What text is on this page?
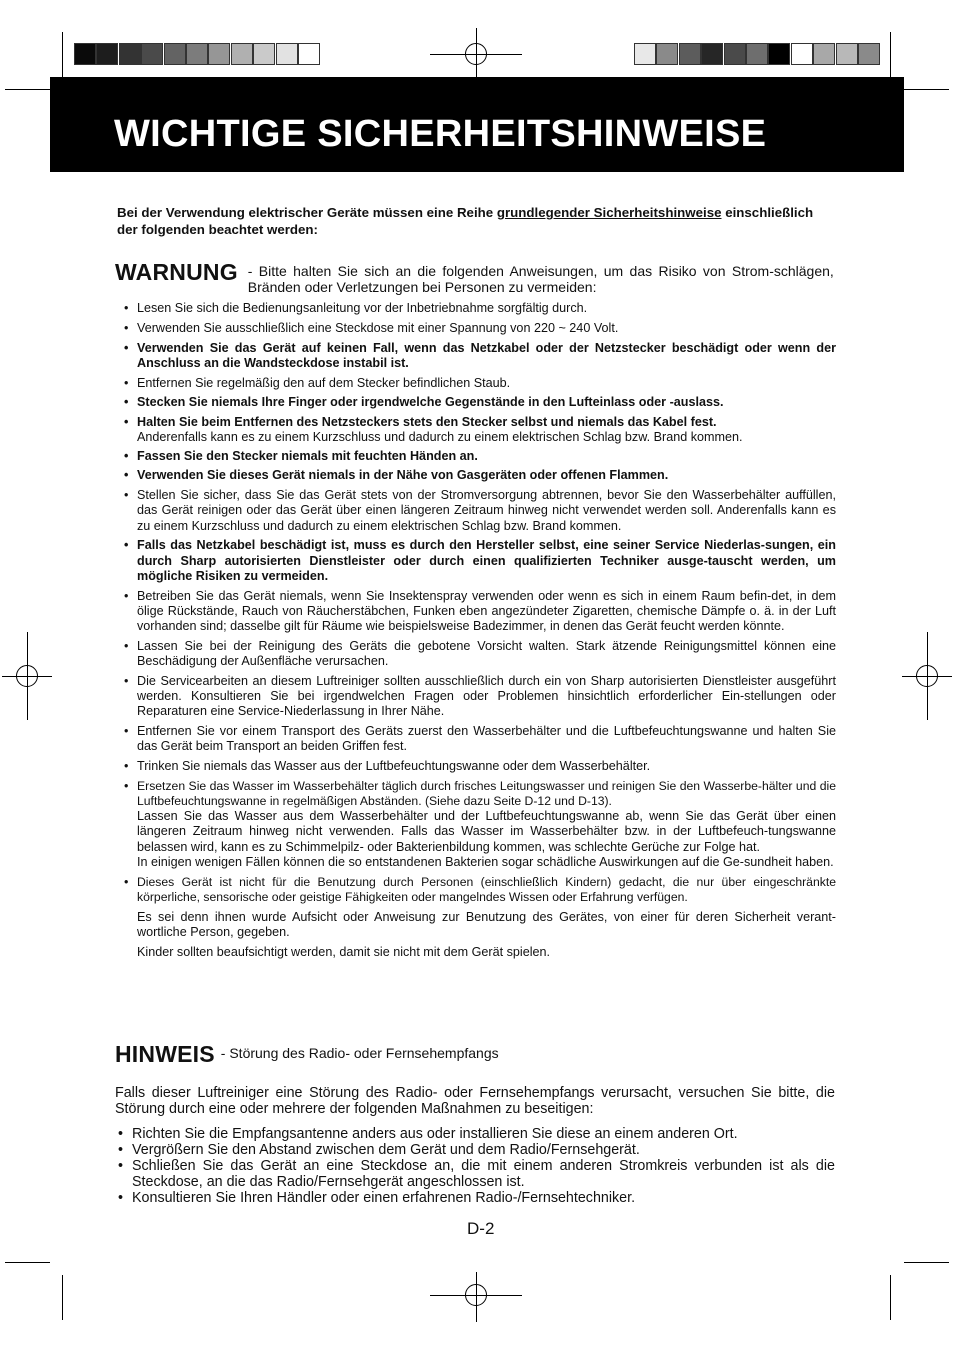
WICHTIGE SICHERHEITSHINWEISE
Bei der Verwendung elektrischer Geräte müssen eine Reihe grundlegender Sicherheitshinweise einschließlich der folgenden beachtet werden:
WARNUNG - Bitte halten Sie sich an die folgenden Anweisungen, um das Risiko von Strom-schlägen, Bränden oder Verletzungen bei Personen zu vermeiden:
• Lesen Sie sich die Bedienungsanleitung vor der Inbetriebnahme sorgfältig durch.
• Verwenden Sie ausschließlich eine Steckdose mit einer Spannung von 220 ~ 240 Volt.
• Verwenden Sie das Gerät auf keinen Fall, wenn das Netzkabel oder der Netzstecker beschädigt oder wenn der Anschluss an die Wandsteckdose instabil ist.
• Entfernen Sie regelmäßig den auf dem Stecker befindlichen Staub.
• Stecken Sie niemals Ihre Finger oder irgendwelche Gegenstände in den Lufteinlass oder -auslass.
• Halten Sie beim Entfernen des Netzsteckers stets den Stecker selbst und niemals das Kabel fest.
Anderenfalls kann es zu einem Kurzschluss und dadurch zu einem elektrischen Schlag bzw. Brand kommen.
• Fassen Sie den Stecker niemals mit feuchten Händen an.
• Verwenden Sie dieses Gerät niemals in der Nähe von Gasgeräten oder offenen Flammen.
• Stellen Sie sicher, dass Sie das Gerät stets von der Stromversorgung abtrennen, bevor Sie den Wasserbehälter auffüllen, das Gerät reinigen oder das Gerät über einen längeren Zeitraum hinweg nicht verwendet werden soll. Anderenfalls kann es zu einem Kurzschluss und dadurch zu einem elektrischen Schlag bzw. Brand kommen.
• Falls das Netzkabel beschädigt ist, muss es durch den Hersteller selbst, eine seiner Service Niederlas-sungen, ein durch Sharp autorisierten Dienstleister oder durch einen qualifizierten Techniker ausge-tauscht werden, um mögliche Risiken zu vermeiden.
• Betreiben Sie das Gerät niemals, wenn Sie Insektenspray verwenden oder wenn es sich in einem Raum befin-det, in dem ölige Rückstände, Rauch von Räucherstäbchen, Funken eben angezündeter Zigaretten, chemische Dämpfe o. ä. in der Luft vorhanden sind; dasselbe gilt für Räume wie beispielsweise Badezimmer, in denen das Gerät feucht werden könnte.
• Lassen Sie bei der Reinigung des Geräts die gebotene Vorsicht walten. Stark ätzende Reinigungsmittel können eine Beschädigung der Außenfläche verursachen.
• Die Servicearbeiten an diesem Luftreiniger sollten ausschließlich durch ein von Sharp autorisierten Dienstleister ausgeführt werden. Konsultieren Sie bei irgendwelchen Fragen oder Problemen hinsichtlich erforderlicher Ein-stellungen oder Reparaturen eine Service-Niederlassung in Ihrer Nähe.
• Entfernen Sie vor einem Transport des Geräts zuerst den Wasserbehälter und die Luftbefeuchtungswanne und halten Sie das Gerät beim Transport an beiden Griffen fest.
• Trinken Sie niemals das Wasser aus der Luftbefeuchtungswanne oder dem Wasserbehälter.
• Ersetzen Sie das Wasser im Wasserbehälter täglich durch frisches Leitungswasser und reinigen Sie den Wasserbe-hälter und die Luftbefeuchtungswanne in regelmäßigen Abständen. (Siehe dazu Seite D-12 und D-13).
Lassen Sie das Wasser aus dem Wasserbehälter und der Luftbefeuchtungswanne ab, wenn Sie das Gerät über einen längeren Zeitraum hinweg nicht verwenden. Falls das Wasser im Wasserbehälter bzw. in der Luftbefeuch-tungswanne belassen wird, kann es zu Schimmelpilz- oder Bakterienbildung kommen, was schlechte Gerüche zur Folge hat.
In einigen wenigen Fällen können die so entstandenen Bakterien sogar schädliche Auswirkungen auf die Ge-sundheit haben.
• Dieses Gerät ist nicht für die Benutzung durch Personen (einschließlich Kindern) gedacht, die nur über eingeschränkte körperliche, sensorische oder geistige Fähigkeiten oder mangelndes Wissen oder Erfahrung verfügen.
Es sei denn ihnen wurde Aufsicht oder Anweisung zur Benutzung des Gerätes, von einer für deren Sicherheit verant-wortliche Person, gegeben.
Kinder sollten beaufsichtigt werden, damit sie nicht mit dem Gerät spielen.
HINWEIS - Störung des Radio- oder Fernsehempfangs
Falls dieser Luftreiniger eine Störung des Radio- oder Fernsehempfangs verursacht, versuchen Sie bitte, die Störung durch eine oder mehrere der folgenden Maßnahmen zu beseitigen:
• Richten Sie die Empfangsantenne anders aus oder installieren Sie diese an einem anderen Ort.
• Vergrößern Sie den Abstand zwischen dem Gerät und dem Radio/Fernsehgerät.
• Schließen Sie das Gerät an eine Steckdose an, die mit einem anderen Stromkreis verbunden ist als die Steckdose, an die das Radio/Fernsehgerät angeschlossen ist.
• Konsultieren Sie Ihren Händler oder einen erfahrenen Radio-/Fernsehtechniker.
D-2
